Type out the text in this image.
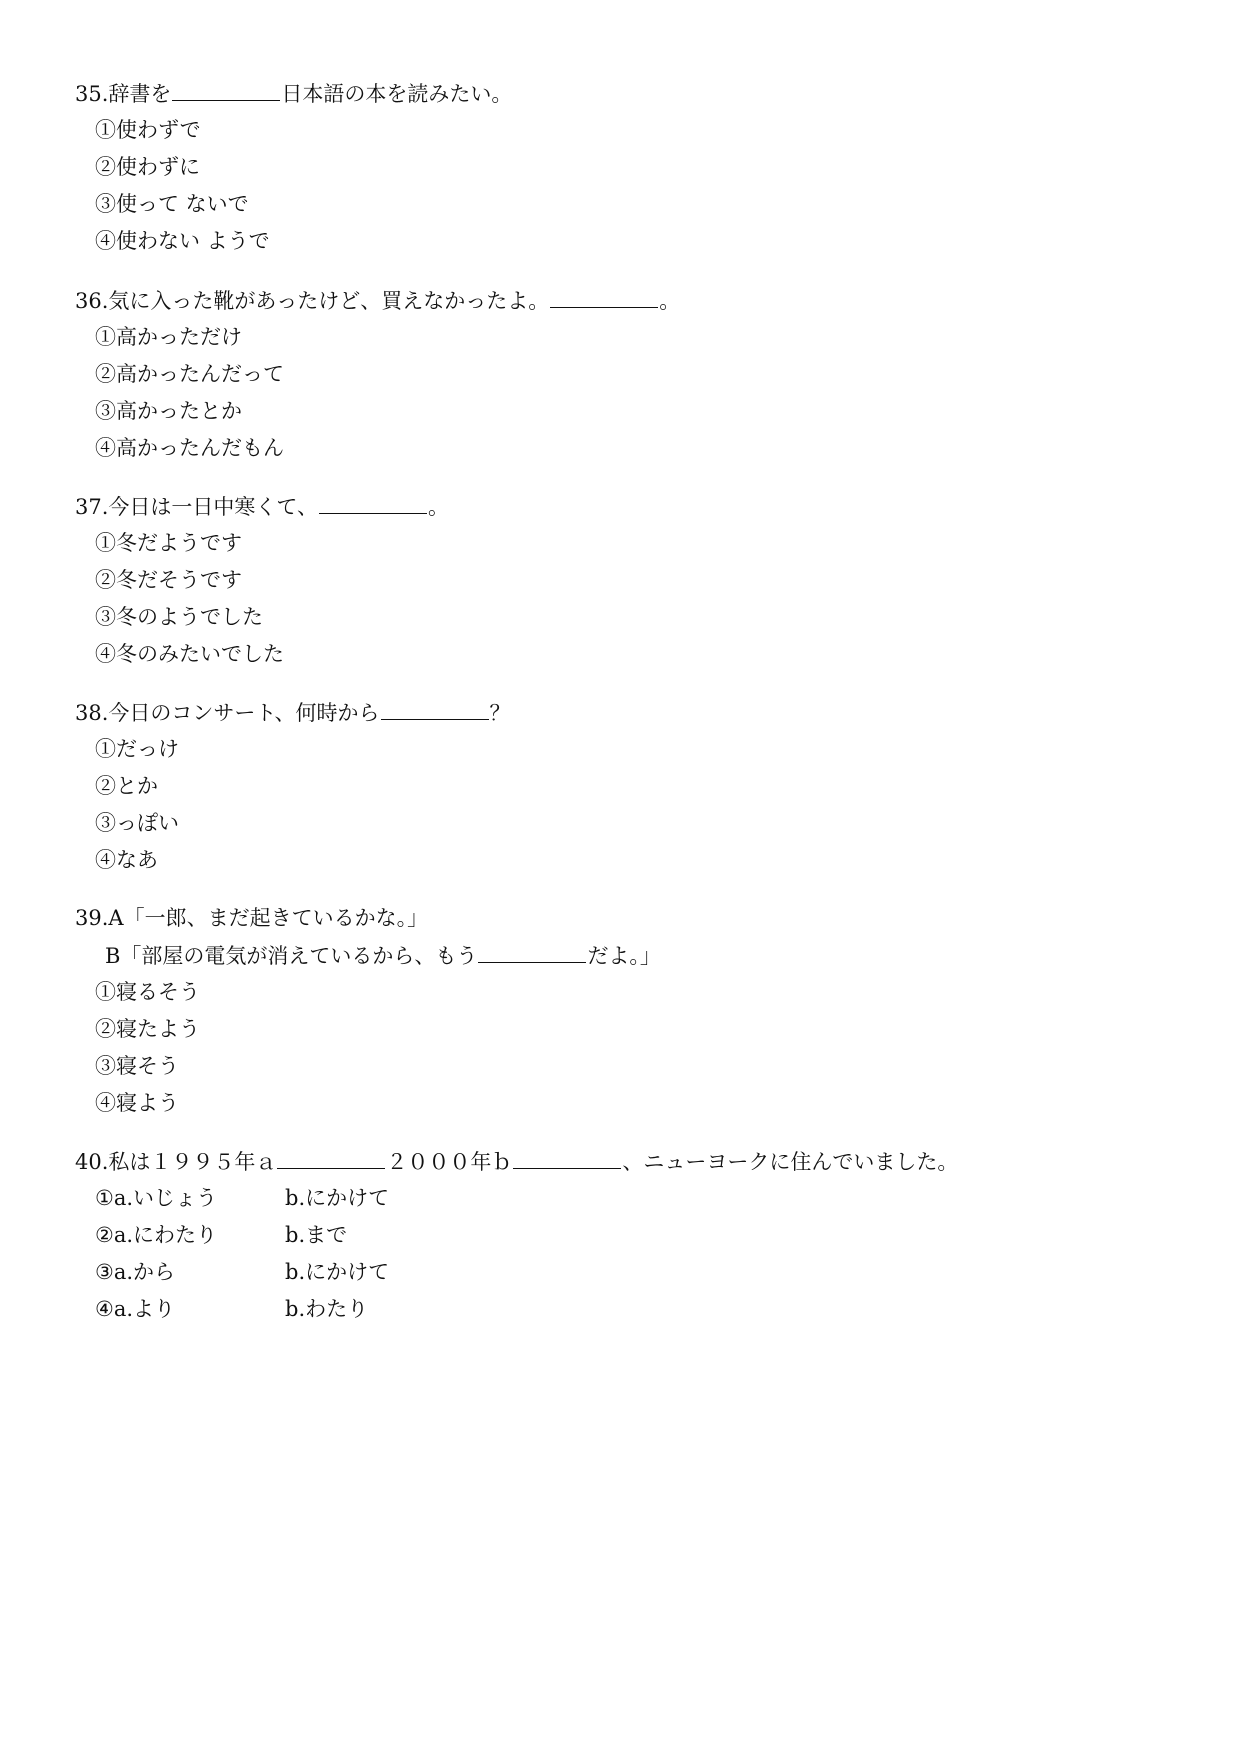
35.辞書を	日本語の本を読みたい。
①使わずで
②使わずに
③使って ないで
④使わない ようで
36.気に入った靴があったけど、買えなかったよ。	。
①高かっただけ
②高かったんだって
③高かったとか
④高かったんだもん
37.今日は一日中寒くて、	。
①冬だようです
②冬だそうです
③冬のようでした
④冬のみたいでした
38.今日のコンサート、何時から	？
①だっけ
②とか
③っぽい
④なあ
39.A「一郎、まだ起きているかな。」
B「部屋の電気が消えているから、もう	だよ。」
①寝るそう
②寝たよう
③寝そう
④寝よう
40.私は１９９５年ａ	２０００年ｂ	、ニューヨークに住んでいました。
①a.いじょう	b.にかけて
②a.にわたり	b.まで
③a.から	b.にかけて
④a.より	b.わたり
